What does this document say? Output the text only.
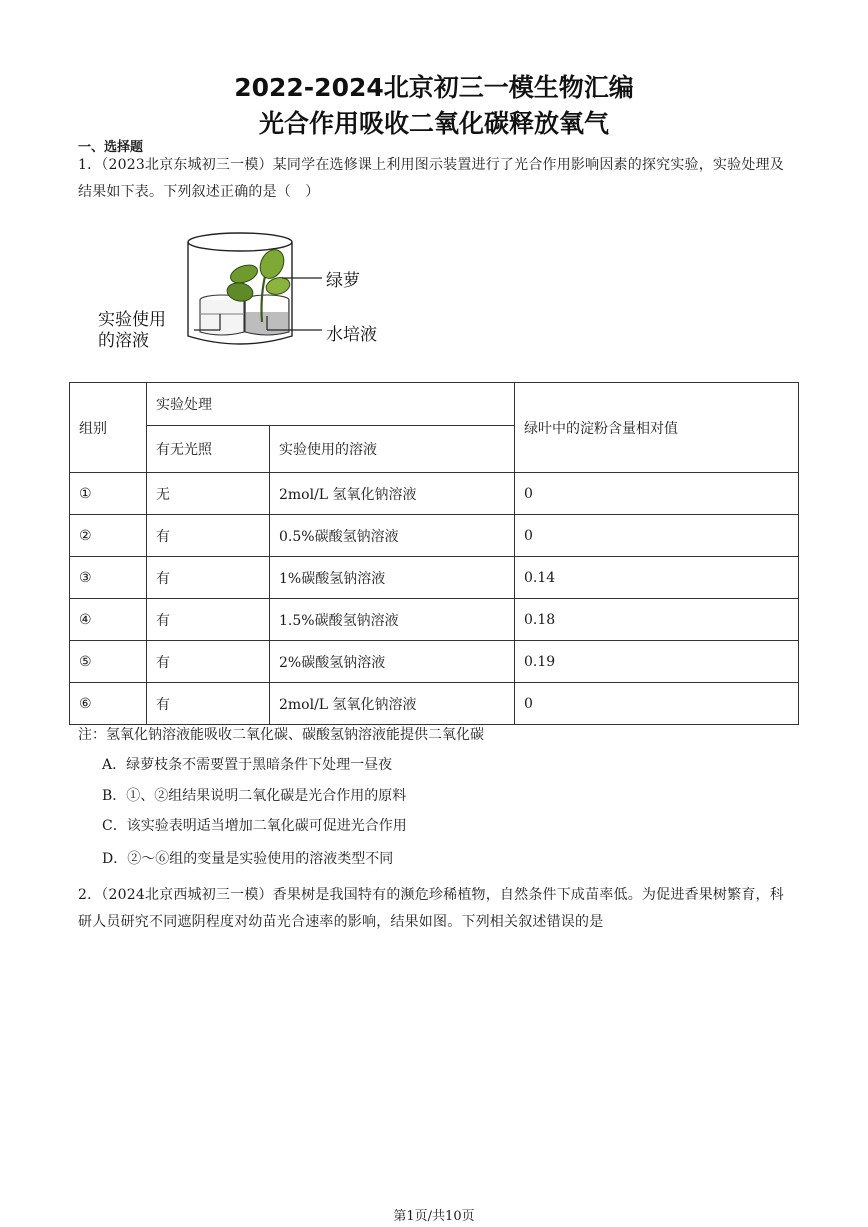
2022-2024北京初三一模生物汇编
光合作用吸收二氧化碳释放氧气
一、选择题
1．（2023北京东城初三一模）某同学在选修课上利用图示装置进行了光合作用影响因素的探究实验，实验处理及结果如下表。下列叙述正确的是（　）
绿萝
实验使用
的溶液	水培液
组别	实验处理		绿叶中的淀粉含量相对值
	有无光照	实验使用的溶液	
①	无	2mol/L 氢氧化钠溶液	0
②	有	0.5%碳酸氢钠溶液	0
③	有	1%碳酸氢钠溶液	0.14
④	有	1.5%碳酸氢钠溶液	0.18
⑤	有	2%碳酸氢钠溶液	0.19
⑥	有	2mol/L 氢氧化钠溶液	0
注：氢氧化钠溶液能吸收二氧化碳、碳酸氢钠溶液能提供二氧化碳
A．绿萝枝条不需要置于黑暗条件下处理一昼夜
B．①、②组结果说明二氧化碳是光合作用的原料
C．该实验表明适当增加二氧化碳可促进光合作用
D．②～⑥组的变量是实验使用的溶液类型不同
2．（2024北京西城初三一模）香果树是我国特有的濒危珍稀植物，自然条件下成苗率低。为促进香果树繁育，科研人员研究不同遮阴程度对幼苗光合速率的影响，结果如图。下列相关叙述错误的是
第1页/共10页
